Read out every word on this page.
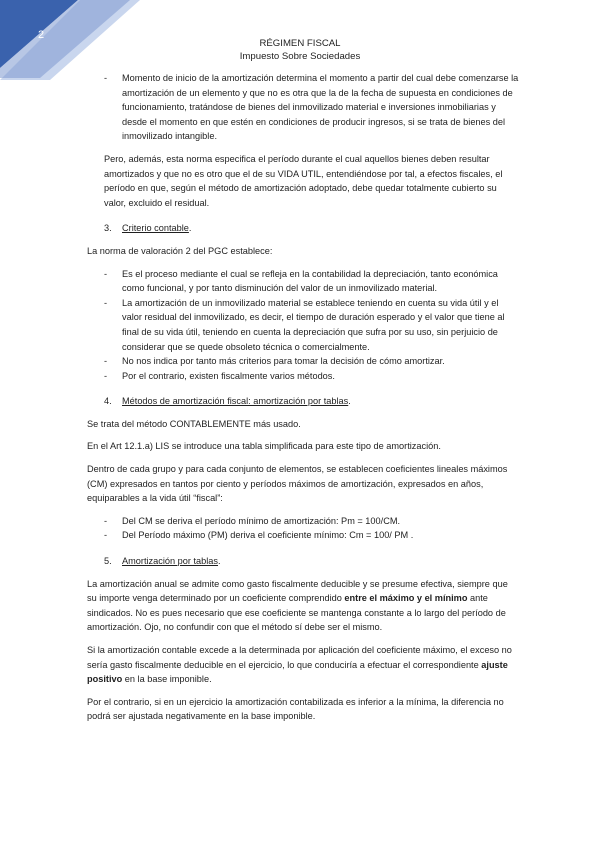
2
RÉGIMEN FISCAL
Impuesto Sobre Sociedades
- Momento de inicio de la amortización determina el momento a partir del cual debe comenzarse la amortización de un elemento y que no es otra que la de la fecha de supuesta en condiciones de funcionamiento, tratándose de bienes del inmovilizado material e inversiones inmobiliarias y desde el momento en que estén en condiciones de producir ingresos, si se trata de bienes del inmovilizado intangible.

Pero, además, esta norma especifica el período durante el cual aquellos bienes deben resultar amortizados y que no es otro que el de su VIDA UTIL, entendiéndose por tal, a efectos fiscales, el período en que, según el método de amortización adoptado, debe quedar totalmente cubierto su valor, excluido el residual.

3. Criterio contable.

La norma de valoración 2 del PGC establece:

- Es el proceso mediante el cual se refleja en la contabilidad la depreciación, tanto económica como funcional, y por tanto disminución del valor de un inmovilizado material.
- La amortización de un inmovilizado material se establece teniendo en cuenta su vida útil y el valor residual del inmovilizado, es decir, el tiempo de duración esperado y el valor que tiene al final de su vida útil, teniendo en cuenta la depreciación que sufra por su uso, sin perjuicio de considerar que se quede obsoleto técnica o comercialmente.
- No nos indica por tanto más criterios para tomar la decisión de cómo amortizar.
- Por el contrario, existen fiscalmente varios métodos.

4. Métodos de amortización fiscal: amortización por tablas.

Se trata del método CONTABLEMENTE más usado.

En el Art 12.1.a) LIS se introduce una tabla simplificada para este tipo de amortización.

Dentro de cada grupo y para cada conjunto de elementos, se establecen coeficientes lineales máximos (CM) expresados en tantos por ciento y períodos máximos de amortización, expresados en años, equiparables a la vida útil “fiscal”:

- Del CM se deriva el período mínimo de amortización: Pm = 100/CM.
- Del Período máximo (PM) deriva el coeficiente mínimo: Cm = 100/ PM .

5. Amortización por tablas.

La amortización anual se admite como gasto fiscalmente deducible y se presume efectiva, siempre que su importe venga determinado por un coeficiente comprendido entre el máximo y el mínimo ante sindicados. No es pues necesario que ese coeficiente se mantenga constante a lo largo del período de amortización. Ojo, no confundir con que el método sí debe ser el mismo.

Si la amortización contable excede a la determinada por aplicación del coeficiente máximo, el exceso no sería gasto fiscalmente deducible en el ejercicio, lo que conduciría a efectuar el correspondiente ajuste positivo en la base imponible.

Por el contrario, si en un ejercicio la amortización contabilizada es inferior a la mínima, la diferencia no podrá ser ajustada negativamente en la base imponible.
